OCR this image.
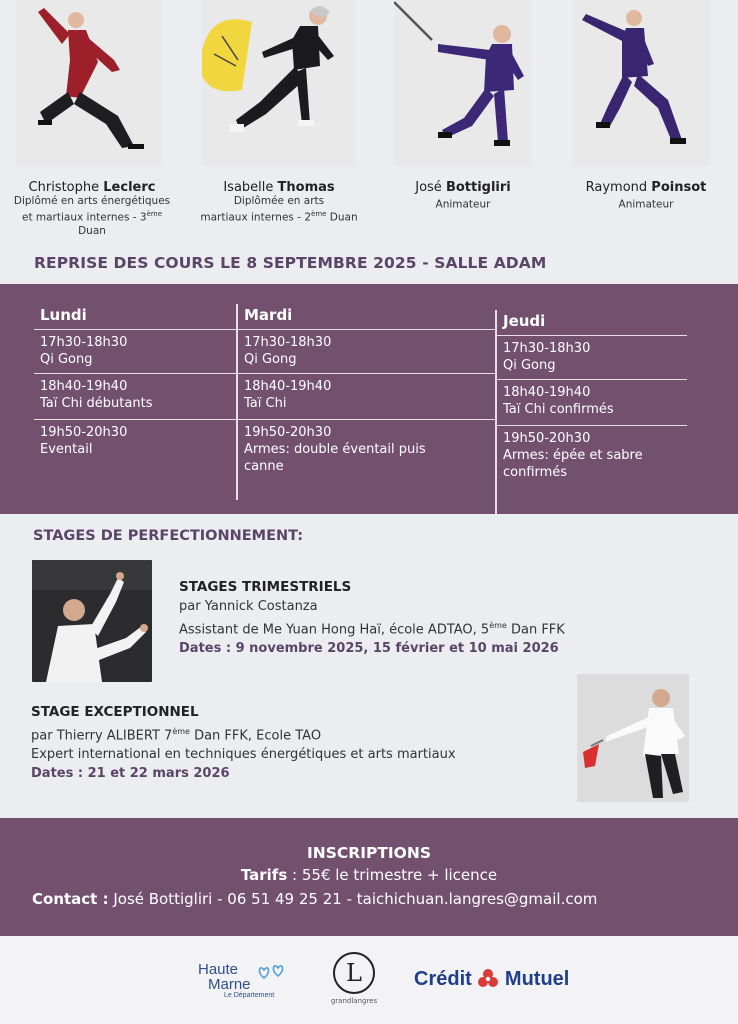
Christophe Leclerc
Diplômé en arts énergétiques
et martiaux internes - 3ème Duan
Isabelle Thomas
Diplômée en arts
martiaux internes - 2ème Duan
José Bottigliri
Animateur
Raymond Poinsot
Animateur
REPRISE DES COURS LE 8 SEPTEMBRE 2025 - SALLE ADAM
Lundi
17h30-18h30
Qi Gong
18h40-19h40
Taï Chi débutants
19h50-20h30
Eventail
Mardi
17h30-18h30
Qi Gong
18h40-19h40
Taï Chi
19h50-20h30
Armes: double éventail puis canne
Jeudi
17h30-18h30
Qi Gong
18h40-19h40
Taï Chi confirmés
19h50-20h30
Armes: épée et sabre confirmés
STAGES DE PERFECTIONNEMENT:
STAGES TRIMESTRIELS
par Yannick Costanza
Assistant de Me Yuan Hong Haï, école ADTAO, 5ème Dan FFK
Dates : 9 novembre 2025, 15 février et 10 mai 2026
STAGE EXCEPTIONNEL
par Thierry ALIBERT 7ème Dan FFK, Ecole TAO
Expert international en techniques énergétiques et arts martiaux
Dates : 21 et 22 mars 2026
INSCRIPTIONS
Tarifs : 55€ le trimestre + licence
Contact : José Bottigliri - 06 51 49 25 21 - taichichuan.langres@gmail.com
Haute
Marne
Le Département
L
grandlangres
Crédit Mutuel
